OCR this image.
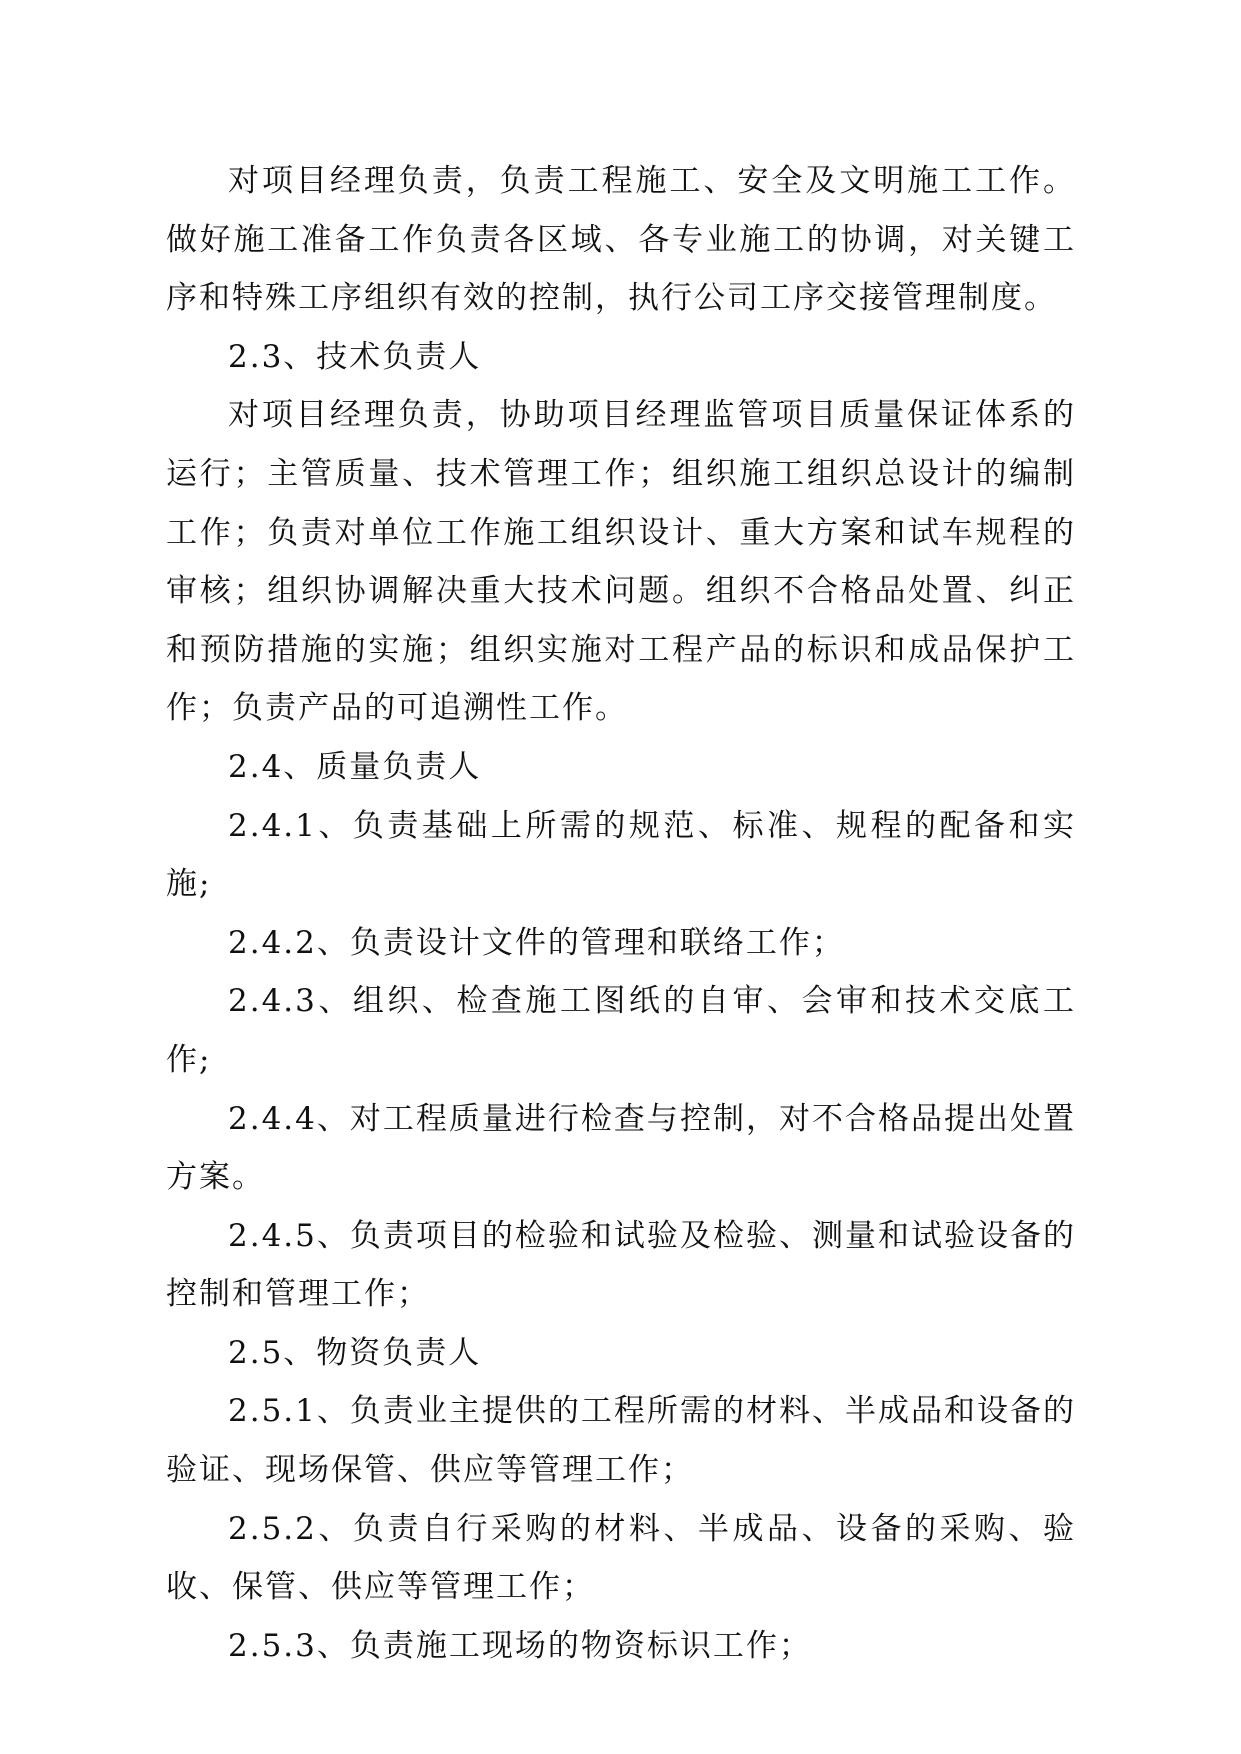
对项目经理负责，负责工程施工、安全及文明施工工作。做好施工准备工作负责各区域、各专业施工的协调，对关键工序和特殊工序组织有效的控制，执行公司工序交接管理制度。

2.3、技术负责人

对项目经理负责，协助项目经理监管项目质量保证体系的运行；主管质量、技术管理工作；组织施工组织总设计的编制工作；负责对单位工作施工组织设计、重大方案和试车规程的审核；组织协调解决重大技术问题。组织不合格品处置、纠正和预防措施的实施；组织实施对工程产品的标识和成品保护工作；负责产品的可追溯性工作。

2.4、质量负责人

2.4.1、负责基础上所需的规范、标准、规程的配备和实施;

2.4.2、负责设计文件的管理和联络工作；

2.4.3、组织、检查施工图纸的自审、会审和技术交底工作;

2.4.4、对工程质量进行检查与控制，对不合格品提出处置方案。

2.4.5、负责项目的检验和试验及检验、测量和试验设备的控制和管理工作；

2.5、物资负责人

2.5.1、负责业主提供的工程所需的材料、半成品和设备的验证、现场保管、供应等管理工作；

2.5.2、负责自行采购的材料、半成品、设备的采购、验收、保管、供应等管理工作；

2.5.3、负责施工现场的物资标识工作；
